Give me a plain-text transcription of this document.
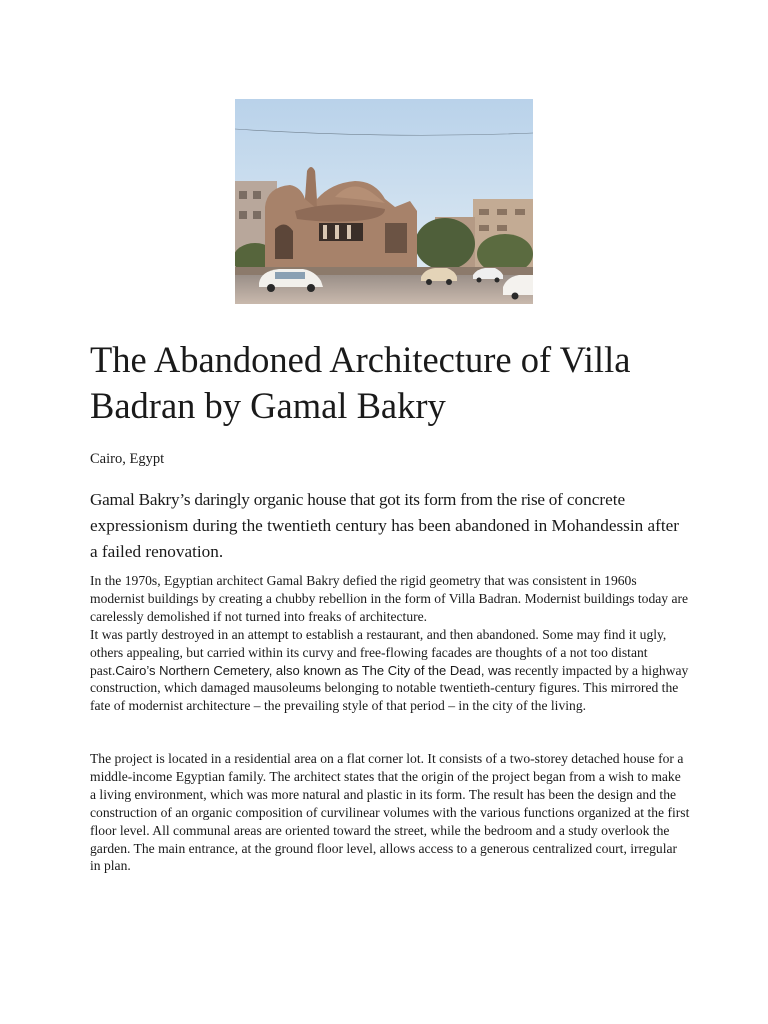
The Abandoned Architecture of Villa Badran by Gamal Bakry

Cairo, Egypt

Gamal Bakry’s daringly organic house that got its form from the rise of concrete expressionism during the twentieth century has been abandoned in Mohandessin after a failed renovation.

In the 1970s, Egyptian architect Gamal Bakry defied the rigid geometry that was consistent in 1960s modernist buildings by creating a chubby rebellion in the form of Villa Badran. Modernist buildings today are carelessly demolished if not turned into freaks of architecture.
It was partly destroyed in an attempt to establish a restaurant, and then abandoned. Some may find it ugly, others appealing, but carried within its curvy and free-flowing facades are thoughts of a not too distant past.Cairo’s Northern Cemetery, also known as The City of the Dead, was recently impacted by a highway construction, which damaged mausoleums belonging to notable twentieth-century figures. This mirrored the fate of modernist architecture – the prevailing style of that period – in the city of the living.

The project is located in a residential area on a flat corner lot. It consists of a two-storey detached house for a middle-income Egyptian family. The architect states that the origin of the project began from a wish to make a living environment, which was more natural and plastic in its form. The result has been the design and the construction of an organic composition of curvilinear volumes with the various functions organized at the first floor level. All communal areas are oriented toward the street, while the bedroom and a study overlook the garden. The main entrance, at the ground floor level, allows access to a generous centralized court, irregular in plan.
